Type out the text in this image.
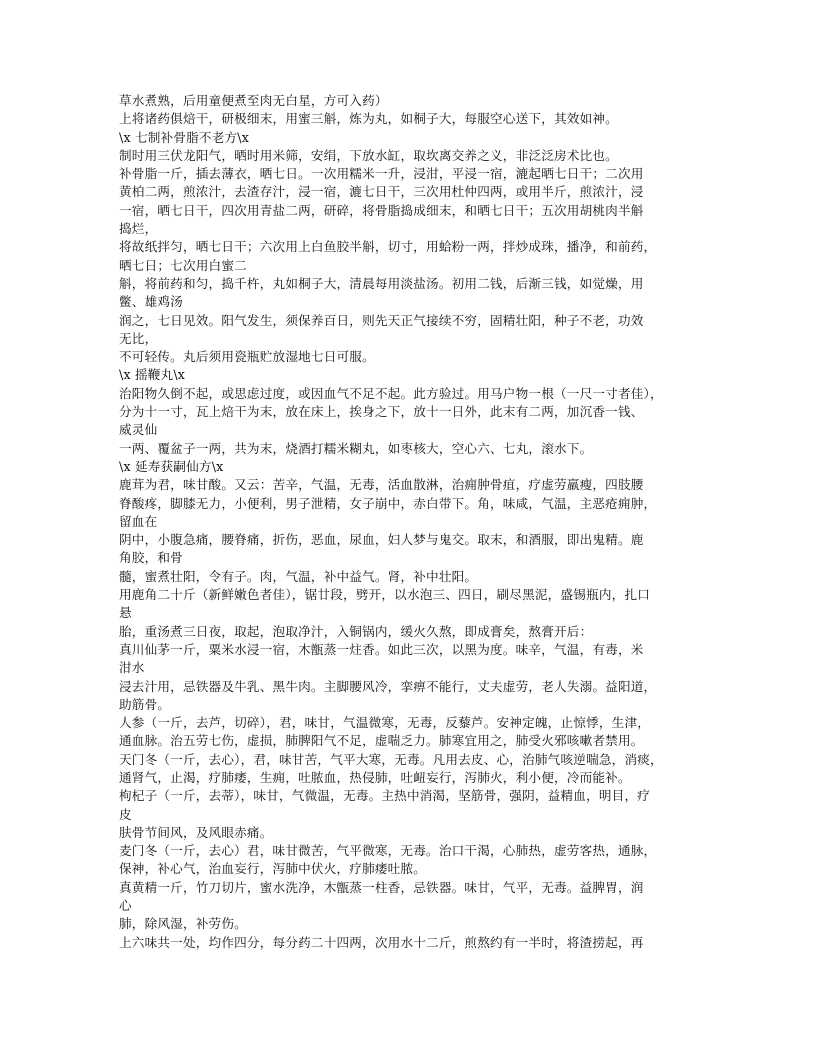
草水煮熟，后用童便煮至肉无白星，方可入药）
上将诸药俱焙干，研极细末，用蜜三斛，炼为丸，如桐子大，每服空心送下，其效如神。
\x 七制补骨脂不老方\x
制时用三伏龙阳气，晒时用米筛，安绢，下放水缸，取坎离交养之义，非泛泛房术比也。
补骨脂一斤，插去薄衣，晒七日。一次用糯米一升，浸泔，平浸一宿，漉起晒七日干；二次用
黄柏二两，煎浓汁，去渣存汁，浸一宿，漉七日干，三次用杜仲四两，或用半斤，煎浓汁，浸
一宿，晒七日干，四次用青盐二两，研碎，将骨脂捣成细末，和晒七日干；五次用胡桃肉半斛
捣烂，
将故纸拌匀，晒七日干；六次用上白鱼胶半斛，切寸，用蛤粉一两，拌炒成珠，播净，和前药，
晒七日；七次用白蜜二
斛，将前药和匀，捣千杵，丸如桐子大，清晨每用淡盐汤。初用二钱，后渐三钱，如觉燥，用
鳖、雄鸡汤
润之，七日见效。阳气发生，须保养百日，则先天正气接续不穷，固精壮阳，种子不老，功效
无比，
不可轻传。丸后须用瓷瓶贮放湿地七日可服。
\x 摇鞭丸\x
治阳物久倒不起，或思虑过度，或因血气不足不起。此方验过。用马户物一根（一尺一寸者佳），
分为十一寸，瓦上焙干为末，放在床上，挨身之下，放十一日外，此末有二两，加沉香一钱、
威灵仙
一两、覆盆子一两，共为末，烧酒打糯米糊丸，如枣核大，空心六、七丸，滚水下。
\x 延寿获嗣仙方\x
鹿茸为君，味甘酸。又云：苦辛，气温，无毒，活血散淋，治痈肿骨疽，疗虚劳羸瘦，四肢腰
脊酸疼，脚膝无力，小便利，男子泄精，女子崩中，赤白带下。角，味咸，气温，主恶疮痈肿，
留血在
阴中，小腹急痛，腰脊痛，折伤，恶血，尿血，妇人梦与鬼交。取末，和酒服，即出鬼精。鹿
角胶，和骨
髓，蜜煮壮阳，令有子。肉，气温，补中益气。肾，补中壮阳。
用鹿角二十斤（新鲜嫩色者佳），锯廿段，劈开，以水泡三、四日，刷尽黑泥，盛锡瓶内，扎口
悬
胎，重汤煮三日夜，取起，泡取净汁，入铜锅内，缓火久熬，即成膏矣，熬膏开后：
真川仙茅一斤，粟米水浸一宿，木甑蒸一炷香。如此三次，以黑为度。味辛，气温，有毒，米
泔水
浸去汁用，忌铁器及牛乳、黑牛肉。主脚腰风冷，挛痹不能行，丈夫虚劳，老人失溺。益阳道，
助筋骨。
人参（一斤，去芦，切碎），君，味甘，气温微寒，无毒，反藜芦。安神定魄，止惊悸，生津，
通血脉。治五劳七伤，虚损，肺脾阳气不足，虚喘乏力。肺寒宜用之，肺受火邪咳嗽者禁用。
天门冬（一斤，去心），君，味甘苦，气平大寒，无毒。凡用去皮、心，治肺气咳逆喘急，消痰，
通肾气，止渴，疗肺痿，生痈，吐脓血，热侵肺，吐衄妄行，泻肺火，利小便，冷而能补。
枸杞子（一斤，去蒂），味甘，气微温，无毒。主热中消渴，坚筋骨，强阴，益精血，明目，疗
皮
肤骨节间风，及风眼赤痛。
麦门冬（一斤，去心）君，味甘微苦，气平微寒，无毒。治口干渴，心肺热，虚劳客热，通脉，
保神，补心气，治血妄行，泻肺中伏火，疗肺痿吐脓。
真黄精一斤，竹刀切片，蜜水洗净，木甑蒸一柱香，忌铁器。味甘，气平，无毒。益脾胃，润
心
肺，除风湿，补劳伤。
上六味共一处，均作四分，每分药二十四两，次用水十二斤，煎熬约有一半时，将渣捞起，再
